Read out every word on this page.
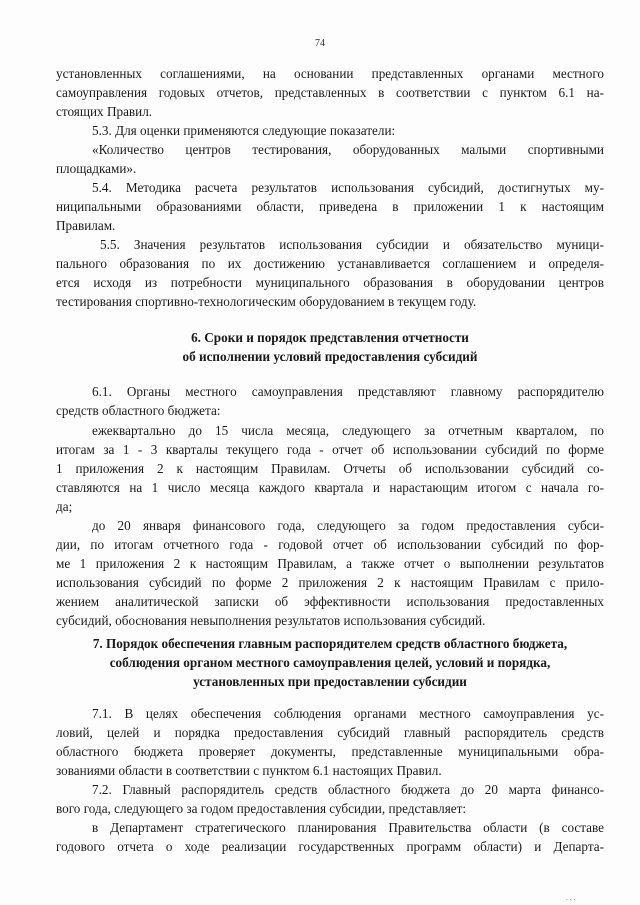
74
установленных соглашениями, на основании представленных органами местного
самоуправления годовых отчетов, представленных в соответствии с пунктом 6.1 на-
стоящих Правил.
5.3. Для оценки применяются следующие показатели:
«Количество центров тестирования, оборудованных малыми спортивными
площадками».
5.4. Методика расчета результатов использования субсидий, достигнутых му-
ниципальными образованиями области, приведена в приложении 1 к настоящим
Правилам.
5.5. Значения результатов использования субсидии и обязательство муници-
пального образования по их достижению устанавливается соглашением и определя-
ется исходя из потребности муниципального образования в оборудовании центров
тестирования спортивно-технологическим оборудованием в текущем году.
6. Сроки и порядок представления отчетности
об исполнении условий предоставления субсидий
6.1. Органы местного самоуправления представляют главному распорядителю
средств областного бюджета:
ежеквартально до 15 числа месяца, следующего за отчетным кварталом, по
итогам за 1 - 3 кварталы текущего года - отчет об использовании субсидий по форме
1 приложения 2 к настоящим Правилам. Отчеты об использовании субсидий со-
ставляются на 1 число месяца каждого квартала и нарастающим итогом с начала го-
да;
до 20 января финансового года, следующего за годом предоставления субси-
дии, по итогам отчетного года - годовой отчет об использовании субсидий по фор-
ме 1 приложения 2 к настоящим Правилам, а также отчет о выполнении результатов
использования субсидий по форме 2 приложения 2 к настоящим Правилам с прило-
жением аналитической записки об эффективности использования предоставленных
субсидий, обоснования невыполнения результатов использования субсидий.
7. Порядок обеспечения главным распорядителем средств областного бюджета,
соблюдения органом местного самоуправления целей, условий и порядка,
установленных при предоставлении субсидии
7.1. В целях обеспечения соблюдения органами местного самоуправления ус-
ловий, целей и порядка предоставления субсидий главный распорядитель средств
областного бюджета проверяет документы, представленные муниципальными обра-
зованиями области в соответствии с пунктом 6.1 настоящих Правил.
7.2. Главный распорядитель средств областного бюджета до 20 марта финансо-
вого года, следующего за годом предоставления субсидии, представляет:
в Департамент стратегического планирования Правительства области (в составе
годового отчета о ходе реализации государственных программ области) и Департа-
. ‚ .
